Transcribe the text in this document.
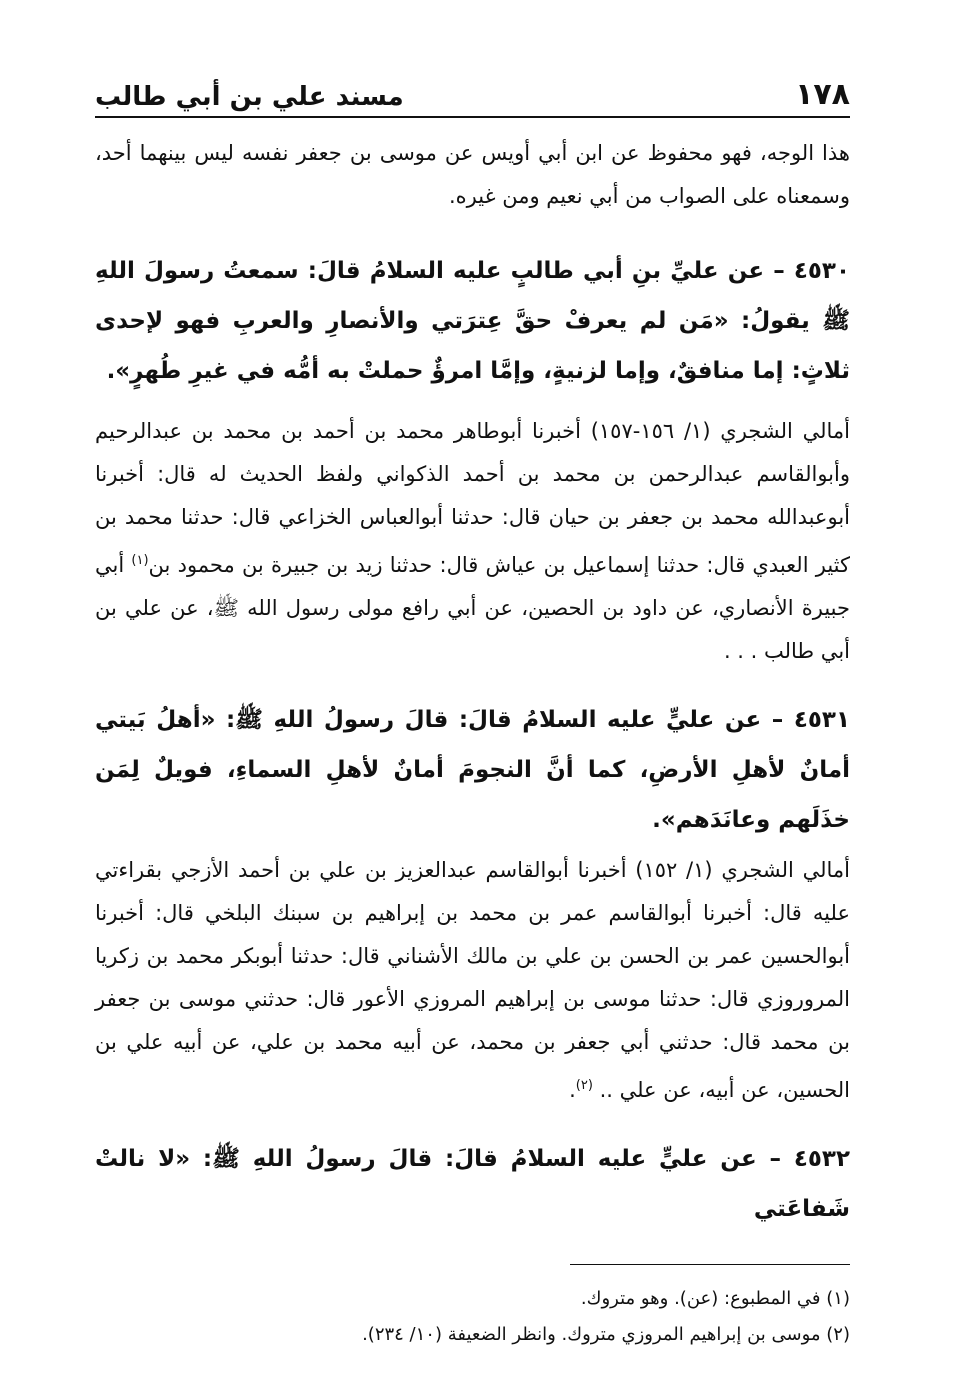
١٧٨
مسند علي بن أبي طالب

هذا الوجه، فهو محفوظ عن ابن أبي أويس عن موسى بن جعفر نفسه ليس بينهما أحد، وسمعناه على الصواب من أبي نعيم ومن غيره.

٤٥٣٠ – عن عليِّ بنِ أبي طالبٍ عليه السلامُ قالَ: سمعتُ رسولَ اللهِ ﷺ يقولُ: «مَن لم يعرفْ حقَّ عِترَتي والأنصارِ والعربِ فهو لإحدى ثلاثٍ: إما منافقٌ، وإما لزنيةٍ، وإمَّا امرؤٌ حملتْ به أمُّه في غيرِ طُهرٍ».

أمالي الشجري (١/ ١٥٦-١٥٧) أخبرنا أبوطاهر محمد بن أحمد بن محمد بن عبدالرحيم وأبوالقاسم عبدالرحمن بن محمد بن أحمد الذكواني ولفظ الحديث له قال: أخبرنا أبوعبدالله محمد بن جعفر بن حيان قال: حدثنا أبوالعباس الخزاعي قال: حدثنا محمد بن كثير العبدي قال: حدثنا إسماعيل بن عياش قال: حدثنا زيد بن جبيرة بن محمود بن$^{(١)}$ أبي جبيرة الأنصاري، عن داود بن الحصين، عن أبي رافع مولى رسول الله ﷺ، عن علي بن أبي طالب . . .

٤٥٣١ – عن عليٍّ عليه السلامُ قالَ: قالَ رسولُ اللهِ ﷺ: «أهلُ بَيتي أمانٌ لأهلِ الأرضِ، كما أنَّ النجومَ أمانٌ لأهلِ السماءِ، فويلٌ لِمَن خذَلَهم وعانَدَهم».

أمالي الشجري (١/ ١٥٢) أخبرنا أبوالقاسم عبدالعزيز بن علي بن أحمد الأزجي بقراءتي عليه قال: أخبرنا أبوالقاسم عمر بن محمد بن إبراهيم بن سبنك البلخي قال: أخبرنا أبوالحسين عمر بن الحسن بن علي بن مالك الأشناني قال: حدثنا أبوبكر محمد بن زكريا المروروزي قال: حدثنا موسى بن إبراهيم المروزي الأعور قال: حدثني موسى بن جعفر بن محمد قال: حدثني أبي جعفر بن محمد، عن أبيه محمد بن علي، عن أبيه علي بن الحسين، عن أبيه، عن علي .. $^{(٢)}$.

٤٥٣٢ – عن عليٍّ عليه السلامُ قالَ: قالَ رسولُ اللهِ ﷺ: «لا نالتْ شَفاعَتي

(١) في المطبوع: (عن). وهو متروك.

(٢) موسى بن إبراهيم المروزي متروك. وانظر الضعيفة (١٠/ ٢٣٤).
